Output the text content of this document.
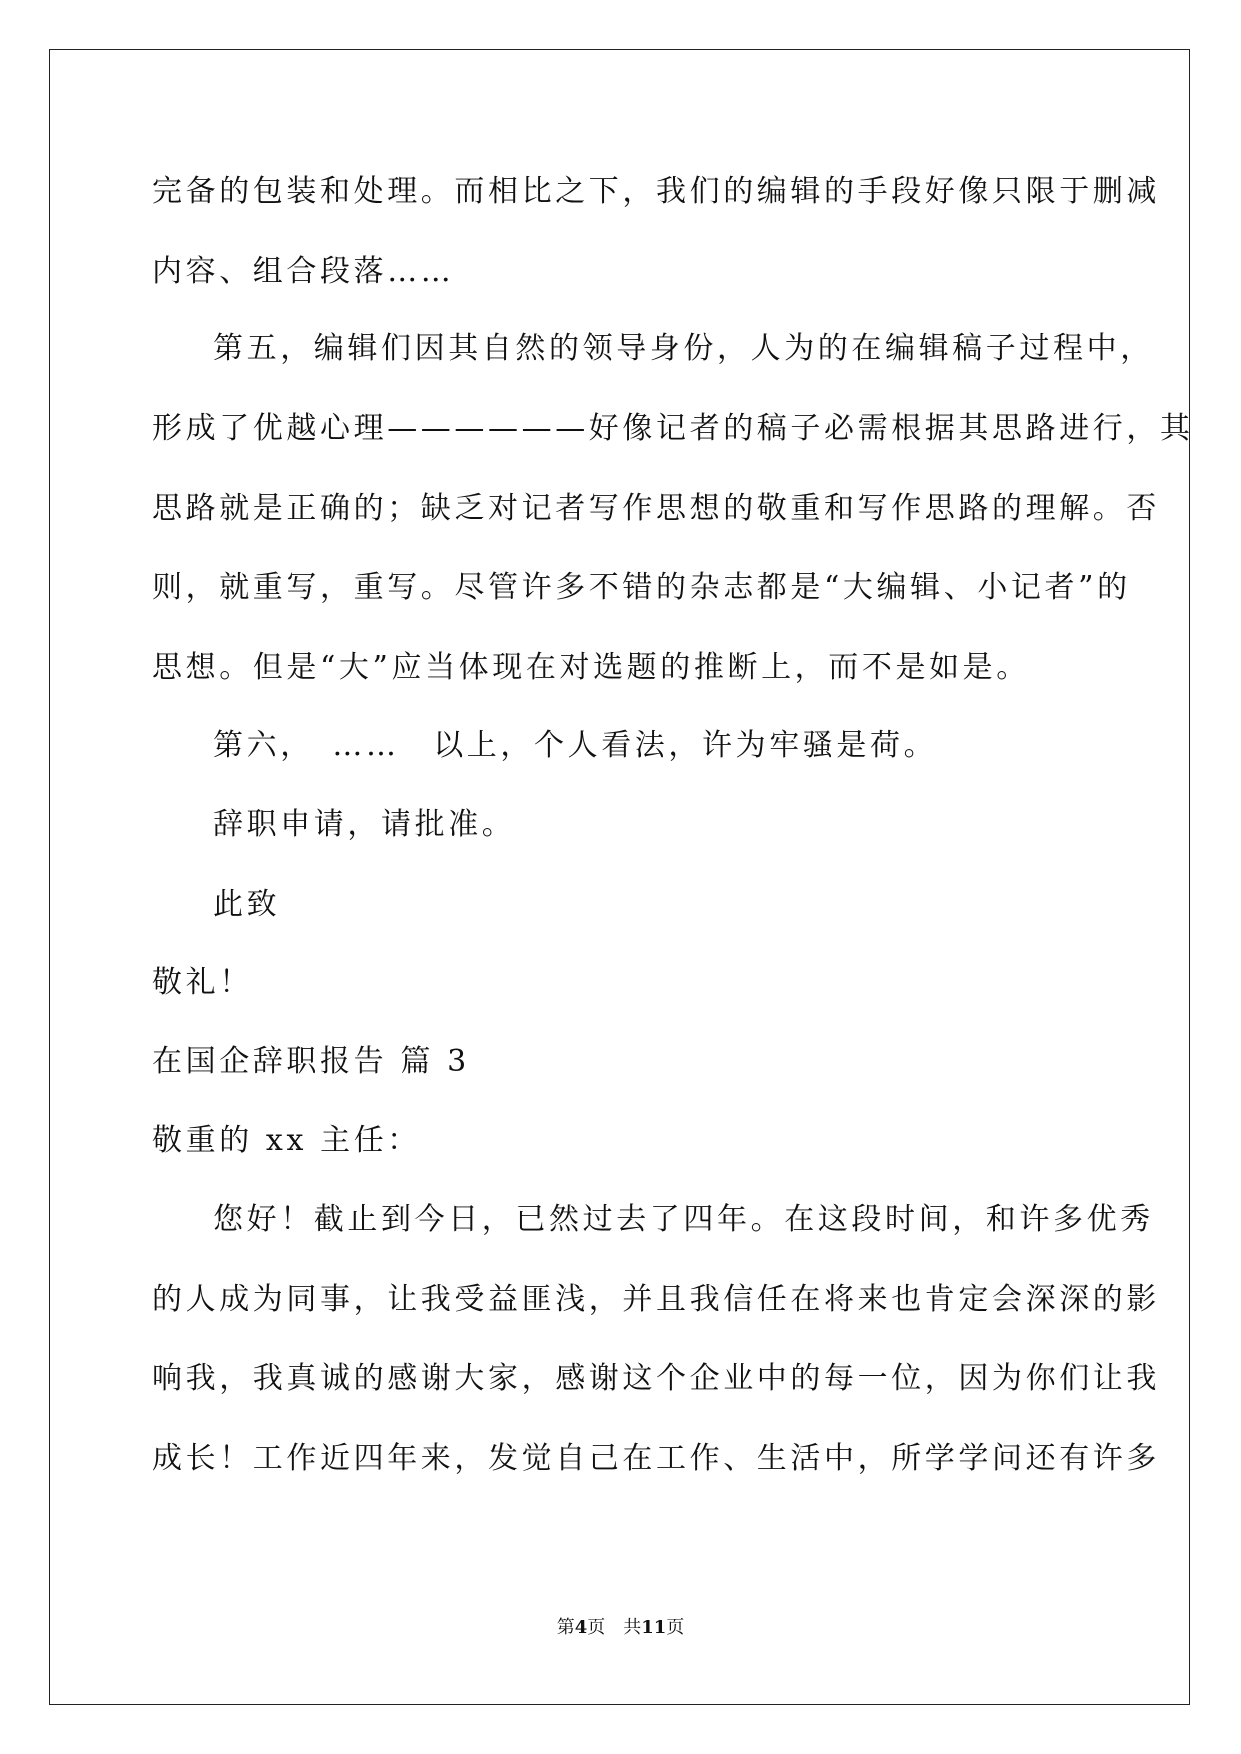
完备的包装和处理。而相比之下，我们的编辑的手段好像只限于删减
内容、组合段落……
第五，编辑们因其自然的领导身份，人为的在编辑稿子过程中，
形成了优越心理——————好像记者的稿子必需根据其思路进行，其
思路就是正确的；缺乏对记者写作思想的敬重和写作思路的理解。否
则，就重写，重写。尽管许多不错的杂志都是“大编辑、小记者”的
思想。但是“大”应当体现在对选题的推断上，而不是如是。
第六，　……　以上，个人看法，许为牢骚是荷。
辞职申请，请批准。
此致
敬礼！
在国企辞职报告 篇 3
敬重的 xx 主任：
您好！截止到今日，已然过去了四年。在这段时间，和许多优秀
的人成为同事，让我受益匪浅，并且我信任在将来也肯定会深深的影
响我，我真诚的感谢大家，感谢这个企业中的每一位，因为你们让我
成长！工作近四年来，发觉自己在工作、生活中，所学学问还有许多
第4页　共11页
